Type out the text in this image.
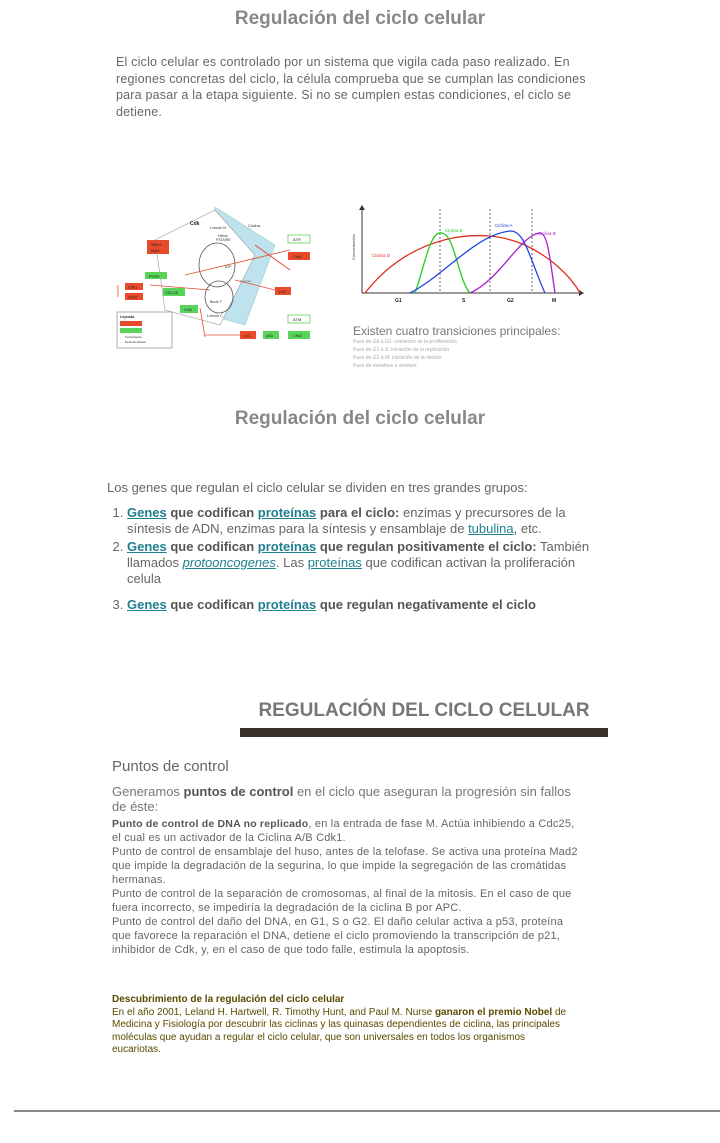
Regulación del ciclo celular
El ciclo celular es controlado por un sistema que vigila cada paso realizado. En regiones concretas del ciclo, la célula comprueba que se cumplan las condiciones para pasar a la etapa siguiente. Si no se cumplen estas condiciones, el ciclo se detiene.
Cdk	Ciclina
Lóbulo N
Hélice
PSTAIRE
ATP
Sustrato
Bucle T
Lóbulo C
Wee1
Myt1
PoloK
Chk1
Chk2
CDC25
CAK
ATR
Chk1
p16
ATM
p21	p53	Chk2
Leyenda
Fosforilación
Desfosforilación
Concentración	Ciclina D
Ciclina E
Ciclina A
Ciclina B
G1	S	G2	M
Existen cuatro transiciones principales:
Paso de G0 a G1: comienzo de la proliferación
Paso de G1 a S: iniciación de la replicación
Paso de G2 a M: iniciación de la mitosis
Paso de metafase a anafase
Regulación del ciclo celular
Los genes que regulan el ciclo celular se dividen en tres grandes grupos:
1. Genes que codifican proteínas para el ciclo: enzimas y precursores de la síntesis de ADN, enzimas para la síntesis y ensamblaje de tubulina, etc.
2. Genes que codifican proteínas que regulan positivamente el ciclo: También llamados protooncogenes. Las proteínas que codifican activan la proliferación celula
3. Genes que codifican proteínas que regulan negativamente el ciclo
REGULACIÓN DEL CICLO CELULAR
Puntos de control
Generamos puntos de control en el ciclo que aseguran la progresión sin fallos de éste:

Punto de control de DNA no replicado, en la entrada de fase M. Actúa inhibiendo a Cdc25, el cual es un activador de la Ciclina A/B Cdk1.

Punto de control de ensamblaje del huso, antes de la telofase. Se activa una proteína Mad2 que impide la degradación de la segurina, lo que impide la segregación de las cromátidas hermanas.

Punto de control de la separación de cromosomas, al final de la mitosis. En el caso de que fuera incorrecto, se impediría la degradación de la ciclina B por APC.

Punto de control del daño del DNA, en G1, S o G2. El daño celular activa a p53, proteína que favorece la reparación el DNA, detiene el ciclo promoviendo la transcripción de p21, inhibidor de Cdk, y, en el caso de que todo falle, estimula la apoptosis.

Descubrimiento de la regulación del ciclo celular

En el año 2001, Leland H. Hartwell, R. Timothy Hunt, and Paul M. Nurse ganaron el premio Nobel de Medicina y Fisiología por descubrir las ciclinas y las quinasas dependientes de ciclina, las principales moléculas que ayudan a regular el ciclo celular, que son universales en todos los organismos eucariotas.
